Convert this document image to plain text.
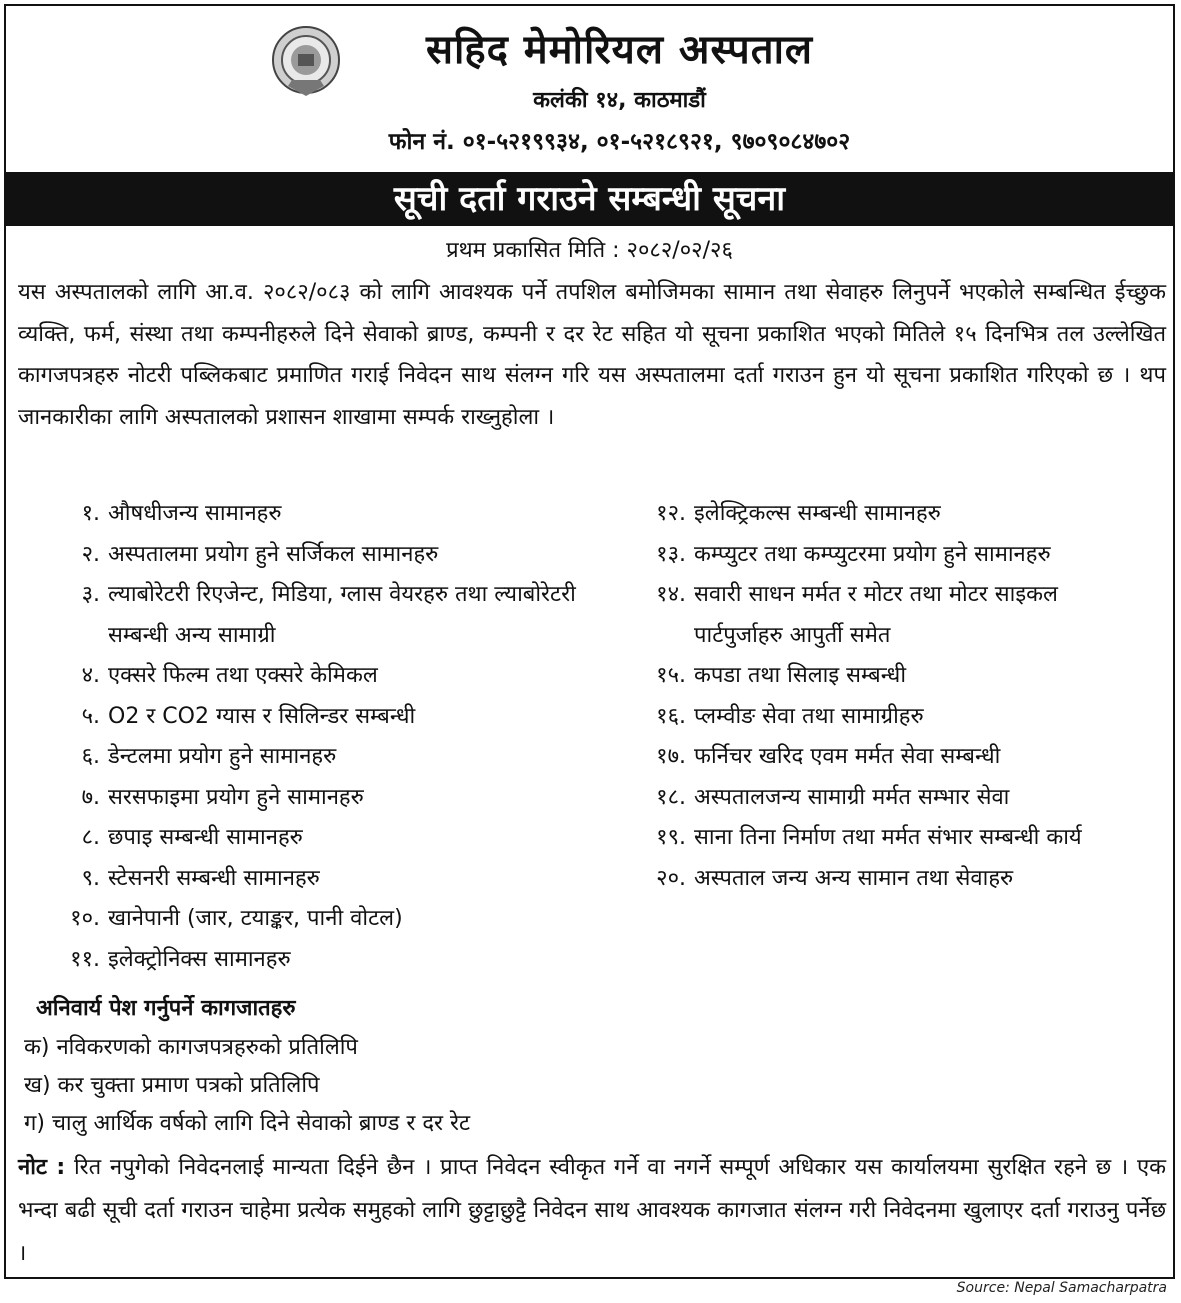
सहिद मेमोरियल अस्पताल
कलंकी १४, काठमाडौं
फोन नं. ०१-५२१९९३४, ०१-५२१८९२१, ९७०९०८४७०२
सूची दर्ता गराउने सम्बन्धी सूचना
प्रथम प्रकासित मिति : २०८२/०२/२६
यस अस्पतालको लागि आ.व. २०८२/०८३ को लागि आवश्यक पर्ने तपशिल बमोजिमका सामान तथा सेवाहरु लिनुपर्ने भएकोले सम्बन्धित ईच्छुक व्यक्ति, फर्म, संस्था तथा कम्पनीहरुले दिने सेवाको ब्राण्ड, कम्पनी र दर रेट सहित यो सूचना प्रकाशित भएको मितिले १५ दिनभित्र तल उल्लेखित कागजपत्रहरु नोटरी पब्लिकबाट प्रमाणित गराई निवेदन साथ संलग्न गरि यस अस्पतालमा दर्ता गराउन हुन यो सूचना प्रकाशित गरिएको छ । थप जानकारीका लागि अस्पतालको प्रशासन शाखामा सम्पर्क राख्नुहोला ।
१. औषधीजन्य सामानहरु
२. अस्पतालमा प्रयोग हुने सर्जिकल सामानहरु
३. ल्याबोरेटरी रिएजेन्ट, मिडिया, ग्लास वेयरहरु तथा ल्याबोरेटरी सम्बन्धी अन्य सामाग्री
४. एक्सरे फिल्म तथा एक्सरे केमिकल
५. O2 र CO2 ग्यास र सिलिन्डर सम्बन्धी
६. डेन्टलमा प्रयोग हुने सामानहरु
७. सरसफाइमा प्रयोग हुने सामानहरु
८. छपाइ सम्बन्धी सामानहरु
९. स्टेसनरी सम्बन्धी सामानहरु
१०. खानेपानी (जार, टयाङ्कर, पानी वोटल)
११. इलेक्ट्रोनिक्स सामानहरु
१२. इलेक्ट्रिकल्स सम्बन्धी सामानहरु
१३. कम्प्युटर तथा कम्प्युटरमा प्रयोग हुने सामानहरु
१४. सवारी साधन मर्मत र मोटर तथा मोटर साइकल पार्टपुर्जाहरु आपुर्ती समेत
१५. कपडा तथा सिलाइ सम्बन्धी
१६. प्लम्वीङ सेवा तथा सामाग्रीहरु
१७. फर्निचर खरिद एवम मर्मत सेवा सम्बन्धी
१८. अस्पतालजन्य सामाग्री मर्मत सम्भार सेवा
१९. साना तिना निर्माण तथा मर्मत संभार सम्बन्धी कार्य
२०. अस्पताल जन्य अन्य सामान तथा सेवाहरु
अनिवार्य पेश गर्नुपर्ने कागजातहरु
क) नविकरणको कागजपत्रहरुको प्रतिलिपि
ख) कर चुक्ता प्रमाण पत्रको प्रतिलिपि
ग) चालु आर्थिक वर्षको लागि दिने सेवाको ब्राण्ड र दर रेट
नोट : रित नपुगेको निवेदनलाई मान्यता दिईने छैन । प्राप्त निवेदन स्वीकृत गर्ने वा नगर्ने सम्पूर्ण अधिकार यस कार्यालयमा सुरक्षित रहने छ । एक भन्दा बढी सूची दर्ता गराउन चाहेमा प्रत्येक समुहको लागि छुट्टाछुट्टै निवेदन साथ आवश्यक कागजात संलग्न गरी निवेदनमा खुलाएर दर्ता गराउनु पर्नेछ ।
Source: Nepal Samacharpatra
